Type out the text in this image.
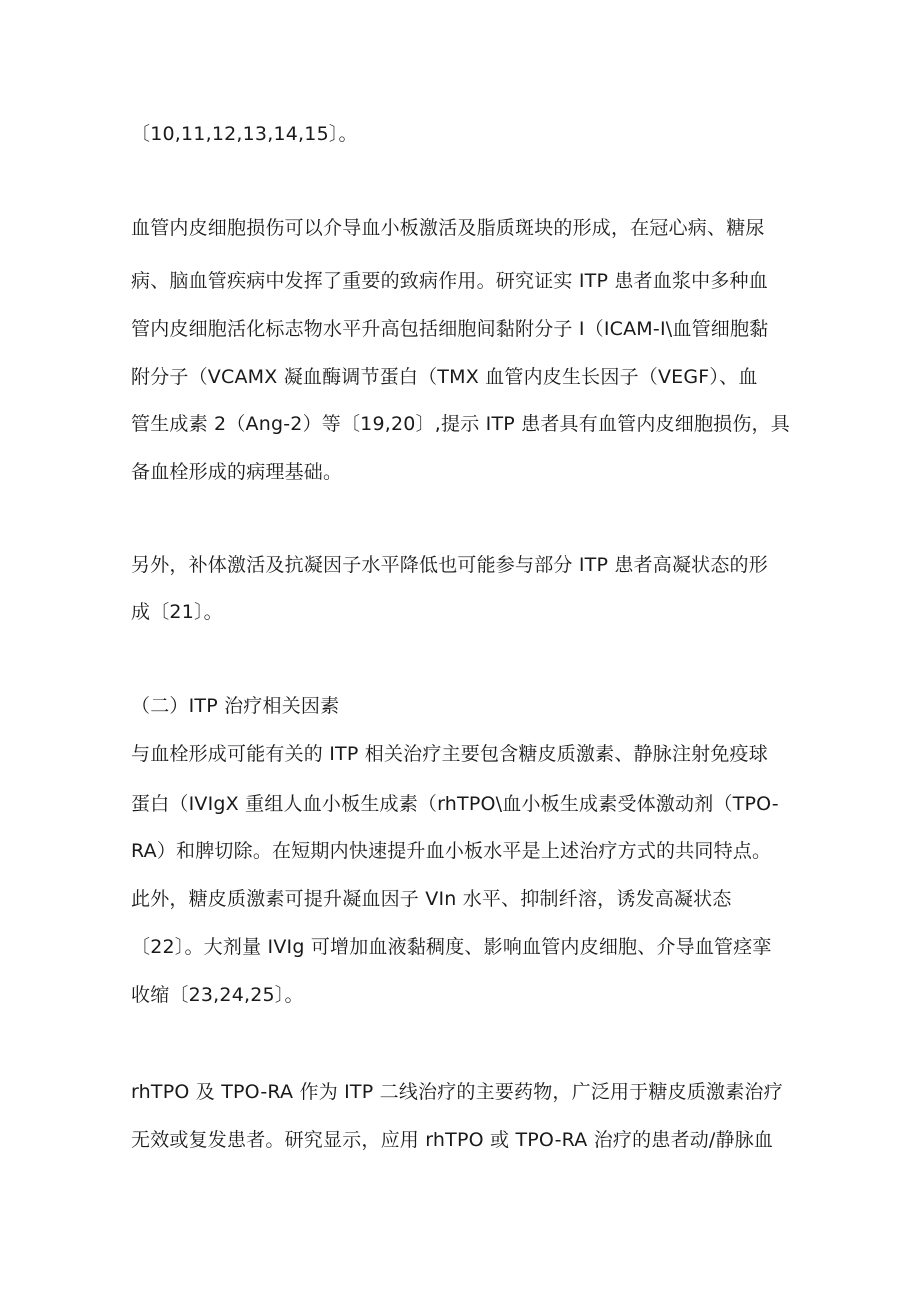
〔10,11,12,13,14,15〕。

血管内皮细胞损伤可以介导血小板激活及脂质斑块的形成，在冠心病、糖尿

病、脑血管疾病中发挥了重要的致病作用。研究证实 ITP 患者血浆中多种血

管内皮细胞活化标志物水平升高包括细胞间黏附分子 I（ICAM-I\血管细胞黏

附分子（VCAMX 凝血酶调节蛋白（TMX 血管内皮生长因子（VEGF）、血

管生成素 2（Ang-2）等〔19,20〕,提示 ITP 患者具有血管内皮细胞损伤，具

备血栓形成的病理基础。

另外，补体激活及抗凝因子水平降低也可能参与部分 ITP 患者高凝状态的形

成〔21〕。

（二）ITP 治疗相关因素

与血栓形成可能有关的 ITP 相关治疗主要包含糖皮质激素、静脉注射免疫球

蛋白（IVIgX 重组人血小板生成素（rhTPO\血小板生成素受体激动剂（TPO-

RA）和脾切除。在短期内快速提升血小板水平是上述治疗方式的共同特点。

此外，糖皮质激素可提升凝血因子 VIn 水平、抑制纤溶，诱发高凝状态

〔22〕。大剂量 IVIg 可增加血液黏稠度、影响血管内皮细胞、介导血管痉挛

收缩〔23,24,25〕。

rhTPO 及 TPO-RA 作为 ITP 二线治疗的主要药物，广泛用于糖皮质激素治疗

无效或复发患者。研究显示，应用 rhTPO 或 TPO-RA 治疗的患者动/静脉血
